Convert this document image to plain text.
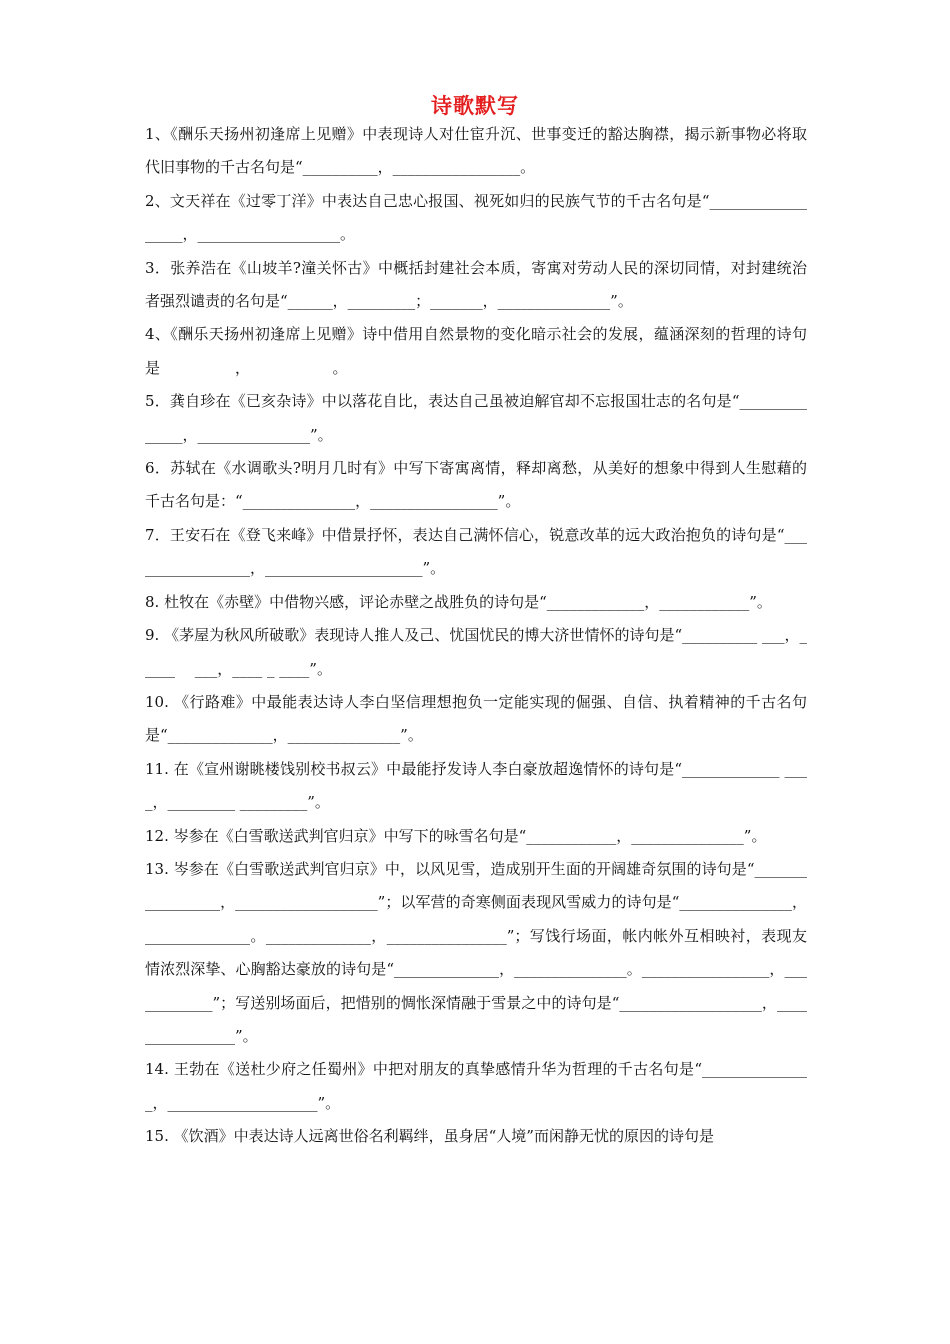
诗歌默写
1、《酬乐天扬州初逢席上见赠》中表现诗人对仕宦升沉、世事变迁的豁达胸襟，揭示新事物必将取代旧事物的千古名句是“__________，_________________。
2、文天祥在《过零丁洋》中表达自己忠心报国、视死如归的民族气节的千古名句是“__________________，___________________。
3．张养浩在《山坡羊?潼关怀古》中概括封建社会本质，寄寓对劳动人民的深切同情，对封建统治者强烈谴责的名句是“______，_________；_______，_______________”。
4、《酬乐天扬州初逢席上见赠》诗中借用自然景物的变化暗示社会的发展，蕴涵深刻的哲理的诗句是　　　　　，　　　　　　。
5．龚自珍在《已亥杂诗》中以落花自比，表达自己虽被迫解官却不忘报国壮志的名句是“______________，_______________”。
6．苏轼在《水调歌头?明月几时有》中写下寄寓离情，释却离愁，从美好的想象中得到人生慰藉的千古名句是：“_______________，_________________”。
7．王安石在《登飞来峰》中借景抒怀，表达自己满怀信心，锐意改革的远大政治抱负的诗句是“_________________，_____________________”。
8. 杜牧在《赤壁》中借物兴感，评论赤壁之战胜负的诗句是“_____________，____________”。
9. 《茅屋为秋风所破歌》表现诗人推人及己、忧国忧民的博大济世情怀的诗句是“__________ ___，_____　 ___，____ _ ____”。
10. 《行路难》中最能表达诗人李白坚信理想抱负一定能实现的倔强、自信、执着精神的千古名句是“______________，_______________”。
11. 在《宣州谢眺楼饯别校书叔云》中最能抒发诗人李白豪放超逸情怀的诗句是“_____________ ____，_________ _________”。
12. 岑参在《白雪歌送武判官归京》中写下的咏雪名句是“____________，_______________”。
13. 岑参在《白雪歌送武判官归京》中，以风见雪，造成别开生面的开阔雄奇氛围的诗句是“_________________，___________________”；以军营的奇寒侧面表现风雪威力的诗句是“_______________，______________。______________，________________”；写饯行场面，帐内帐外互相映衬，表现友情浓烈深挚、心胸豁达豪放的诗句是“______________，_______________。_________________，____________”；写送别场面后，把惜别的惆怅深情融于雪景之中的诗句是“___________________，________________”。
14. 王勃在《送杜少府之任蜀州》中把对朋友的真挚感情升华为哲理的千古名句是“_______________，____________________”。
15. 《饮酒》中表达诗人远离世俗名利羁绊，虽身居“人境”而闲静无忧的原因的诗句是
